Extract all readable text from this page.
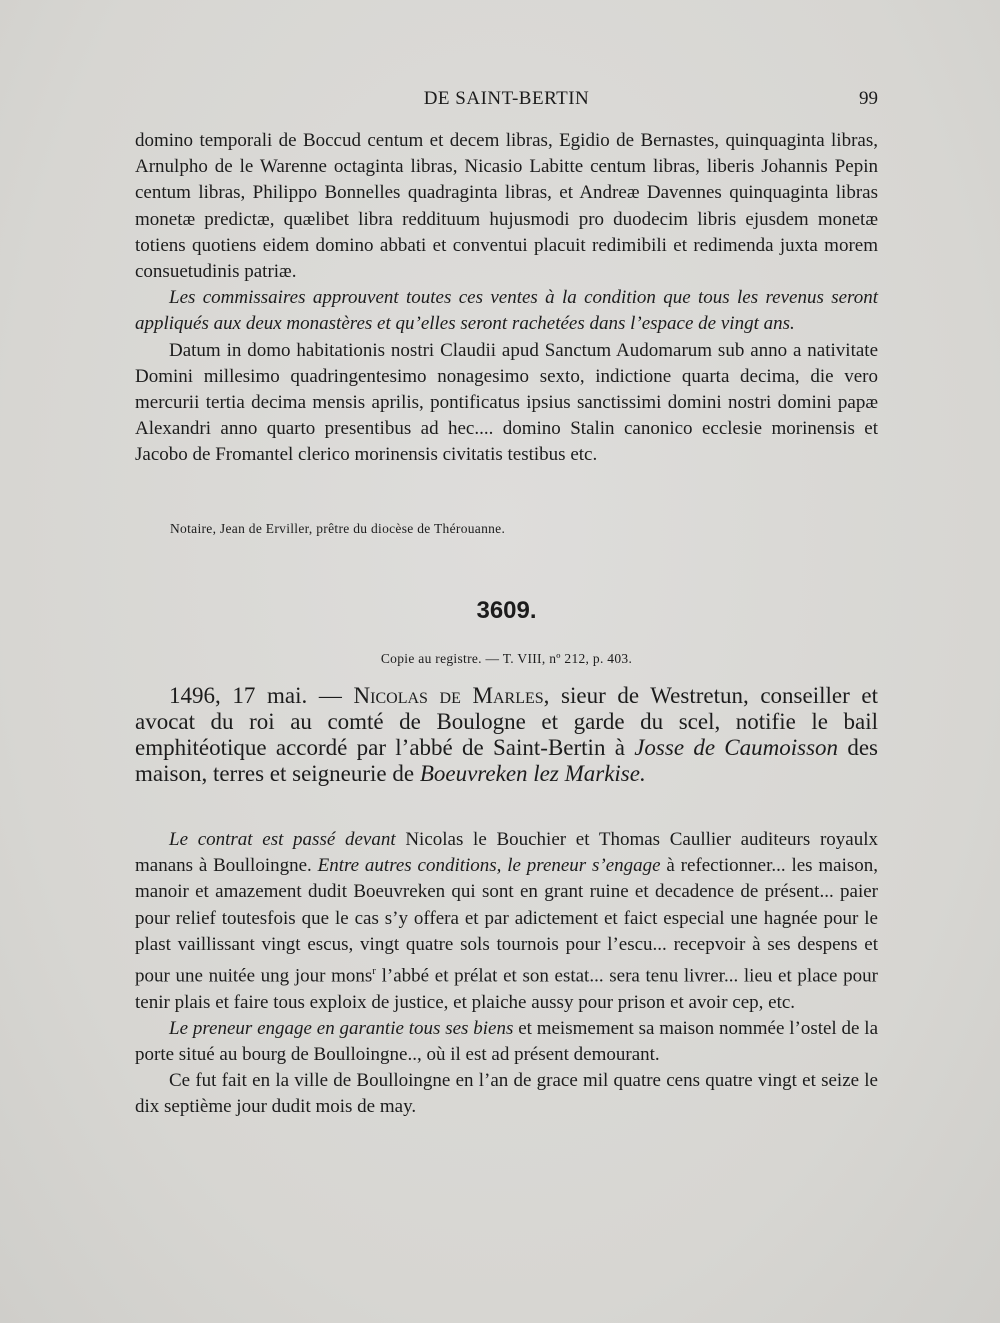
DE SAINT-BERTIN	99

domino temporali de Boccud centum et decem libras, Egidio de Bernastes, quinquaginta libras, Arnulpho de le Warenne octaginta libras, Nicasio Labitte centum libras, liberis Johannis Pepin centum libras, Philippo Bonnelles quadraginta libras, et Andreæ Davennes quinquaginta libras monetæ predictæ, quælibet libra reddituum hujusmodi pro duodecim libris ejusdem monetæ totiens quotiens eidem domino abbati et conventui placuit redimibili et redimenda juxta morem consuetudinis patriæ.

Les commissaires approuvent toutes ces ventes à la condition que tous les revenus seront appliqués aux deux monastères et qu’elles seront rachetées dans l’espace de vingt ans.

Datum in domo habitationis nostri Claudii apud Sanctum Audomarum sub anno a nativitate Domini millesimo quadringentesimo nonagesimo sexto, indictione quarta decima, die vero mercurii tertia decima mensis aprilis, pontificatus ipsius sanctissimi domini nostri domini papæ Alexandri anno quarto presentibus ad hec.... domino Stalin canonico ecclesie morinensis et Jacobo de Fromantel clerico morinensis civitatis testibus etc.

Notaire, Jean de Erviller, prêtre du diocèse de Thérouanne.
3609.
Copie au registre. — T. VIII, nº 212, p. 403.

1496, 17 mai. — Nicolas de Marles, sieur de Westretun, conseiller et avocat du roi au comté de Boulogne et garde du scel, notifie le bail emphitéotique accordé par l’abbé de Saint-Bertin à Josse de Caumoisson des maison, terres et seigneurie de Boeuvreken lez Markise.

Le contrat est passé devant Nicolas le Bouchier et Thomas Caullier auditeurs royaulx manans à Boulloingne. Entre autres conditions, le preneur s’engage à refectionner... les maison, manoir et amazement dudit Boeuvreken qui sont en grant ruine et decadence de présent... paier pour relief toutesfois que le cas s’y offera et par adictement et faict especial une hagnée pour le plast vaillissant vingt escus, vingt quatre sols tournois pour l’escu... recepvoir à ses despens et pour une nuitée ung jour mons$^r$ l’abbé et prélat et son estat... sera tenu livrer... lieu et place pour tenir plais et faire tous exploix de justice, et plaiche aussy pour prison et avoir cep, etc.

Le preneur engage en garantie tous ses biens et meismement sa maison nommée l’ostel de la porte situé au bourg de Boulloingne.., où il est ad présent demourant.

Ce fut fait en la ville de Boulloingne en l’an de grace mil quatre cens quatre vingt et seize le dix septième jour dudit mois de may.
